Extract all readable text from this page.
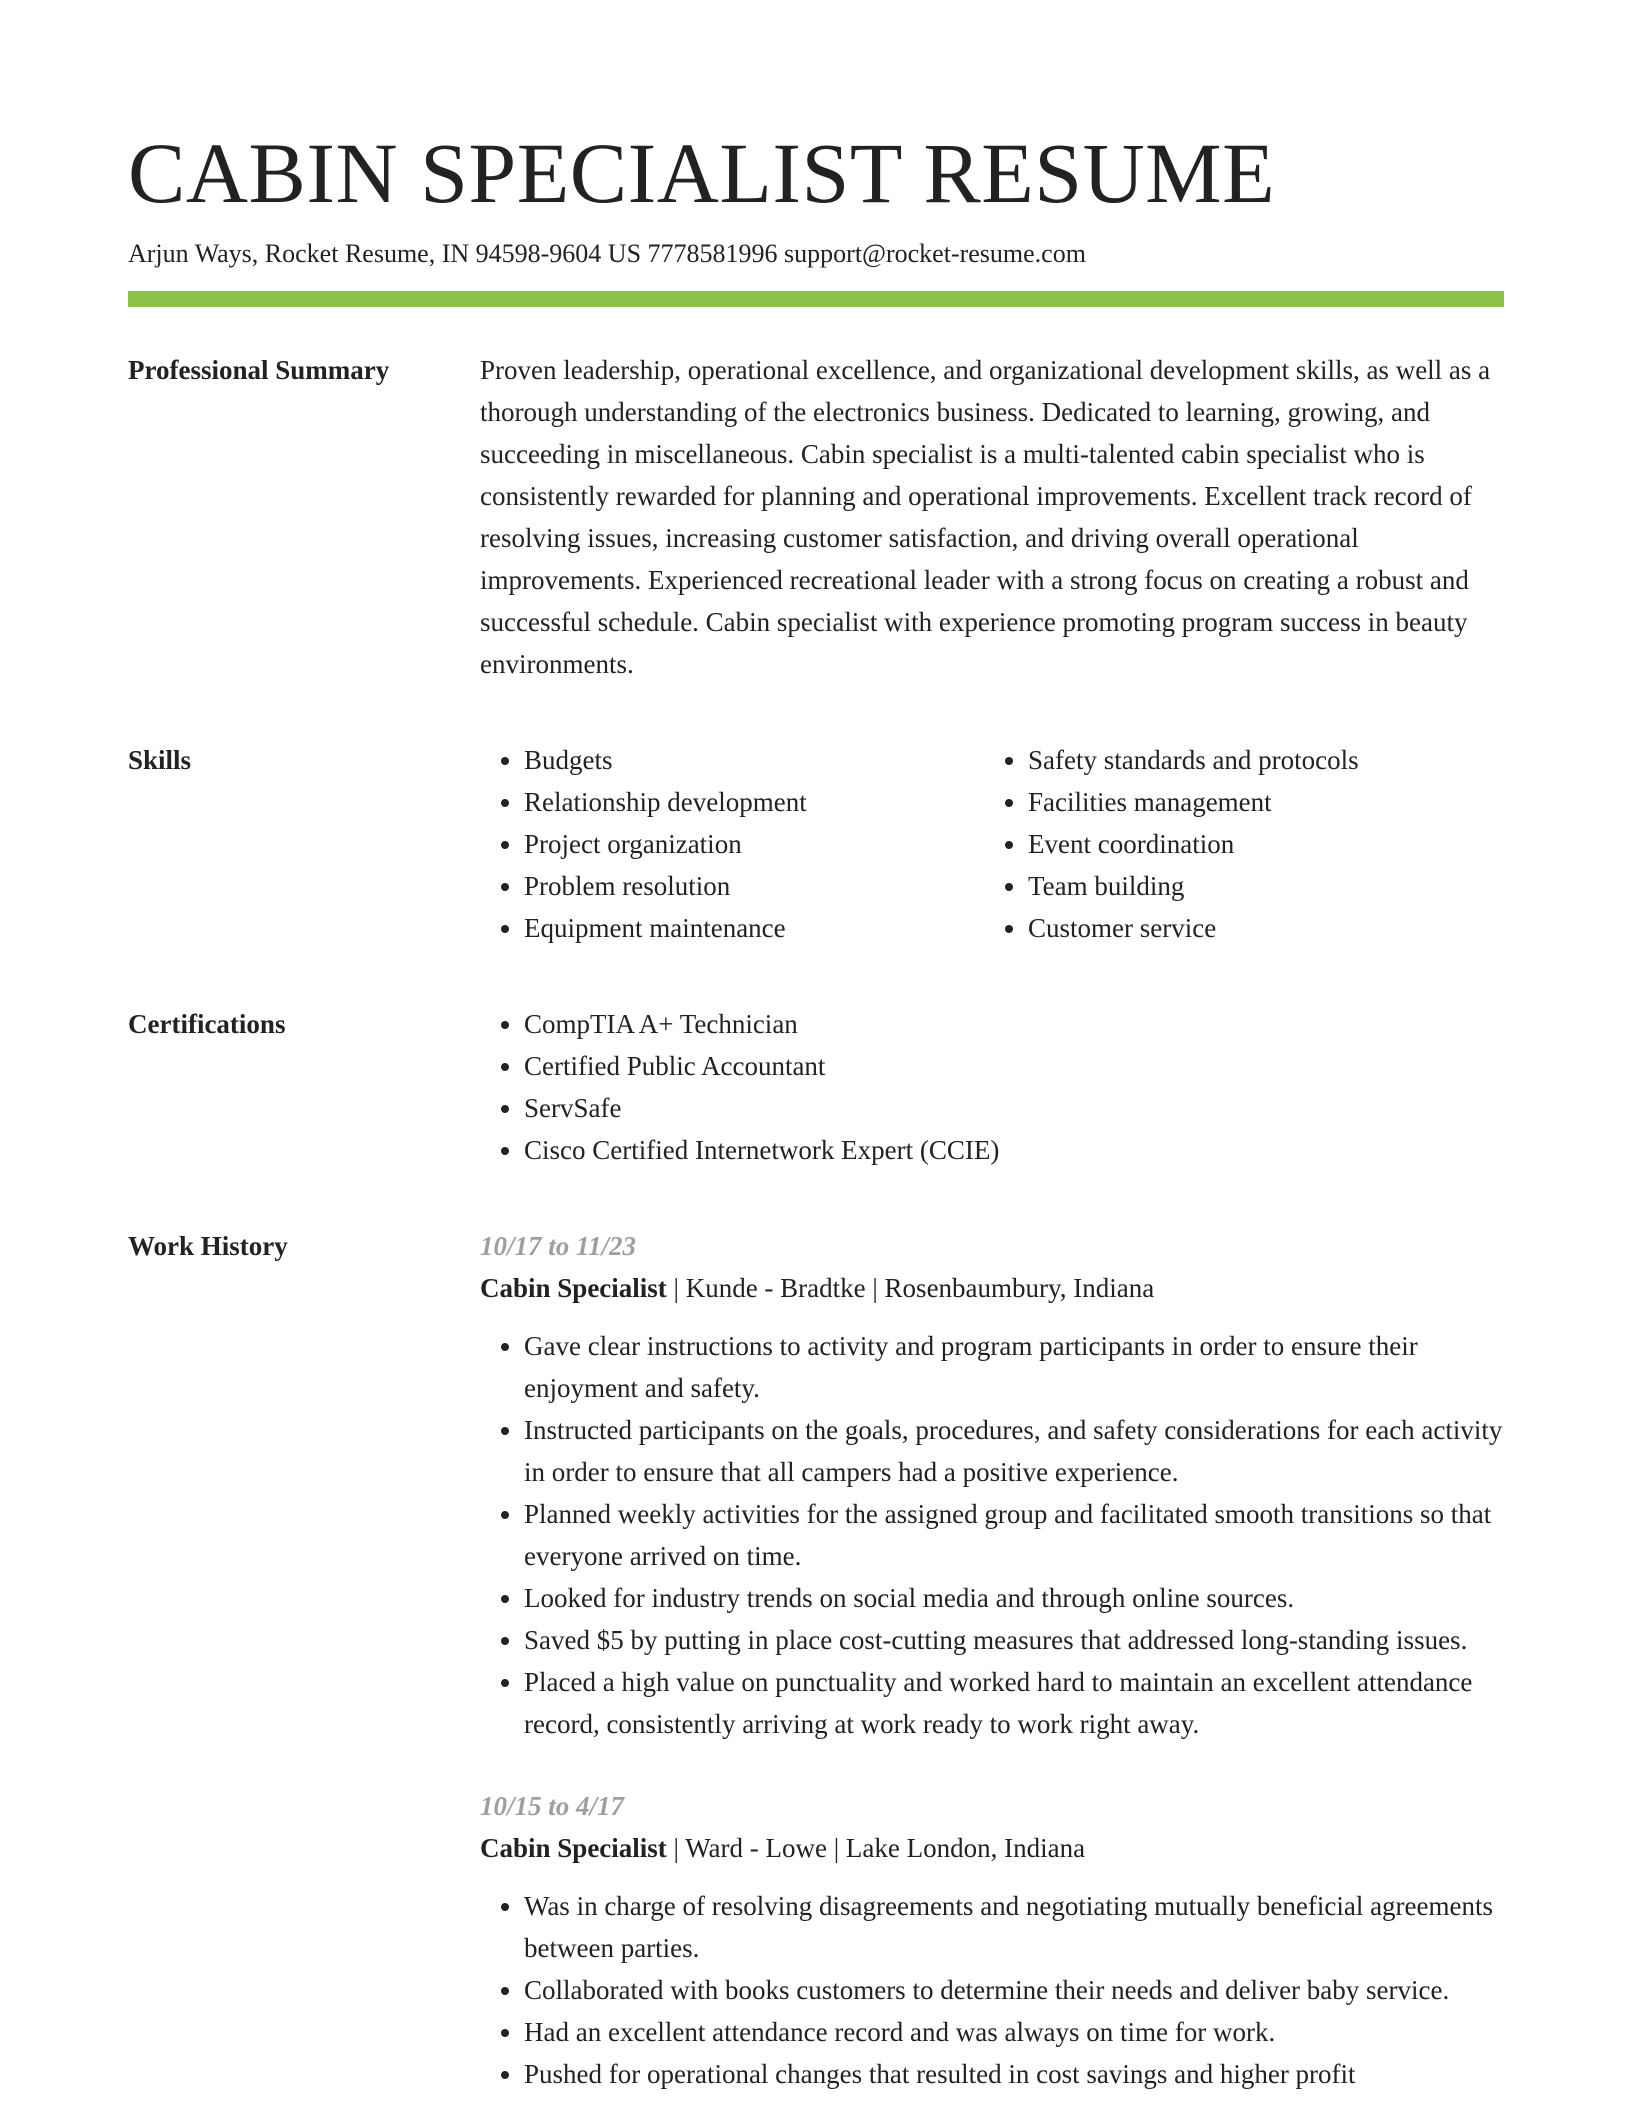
CABIN SPECIALIST RESUME
Arjun Ways, Rocket Resume, IN 94598-9604 US 7778581996 support@rocket-resume.com
Professional Summary	Proven leadership, operational excellence, and organizational development skills, as well as a thorough understanding of the electronics business. Dedicated to learning, growing, and succeeding in miscellaneous. Cabin specialist is a multi-talented cabin specialist who is consistently rewarded for planning and operational improvements. Excellent track record of resolving issues, increasing customer satisfaction, and driving overall operational improvements. Experienced recreational leader with a strong focus on creating a robust and successful schedule. Cabin specialist with experience promoting program success in beauty environments.

Skills	• Budgets
• Relationship development
• Project organization
• Problem resolution
• Equipment maintenance
• Safety standards and protocols
• Facilities management
• Event coordination
• Team building
• Customer service
Certifications	• CompTIA A+ Technician
• Certified Public Accountant
• ServSafe
• Cisco Certified Internetwork Expert (CCIE)
Work History	10/17 to 11/23
Cabin Specialist | Kunde - Bradtke | Rosenbaumbury, Indiana
• Gave clear instructions to activity and program participants in order to ensure their enjoyment and safety.
• Instructed participants on the goals, procedures, and safety considerations for each activity in order to ensure that all campers had a positive experience.
• Planned weekly activities for the assigned group and facilitated smooth transitions so that everyone arrived on time.
• Looked for industry trends on social media and through online sources.
• Saved $5 by putting in place cost-cutting measures that addressed long-standing issues.
• Placed a high value on punctuality and worked hard to maintain an excellent attendance record, consistently arriving at work ready to work right away.
10/15 to 4/17
Cabin Specialist | Ward - Lowe | Lake London, Indiana
• Was in charge of resolving disagreements and negotiating mutually beneficial agreements between parties.
• Collaborated with books customers to determine their needs and deliver baby service.
• Had an excellent attendance record and was always on time for work.
• Pushed for operational changes that resulted in cost savings and higher profit
